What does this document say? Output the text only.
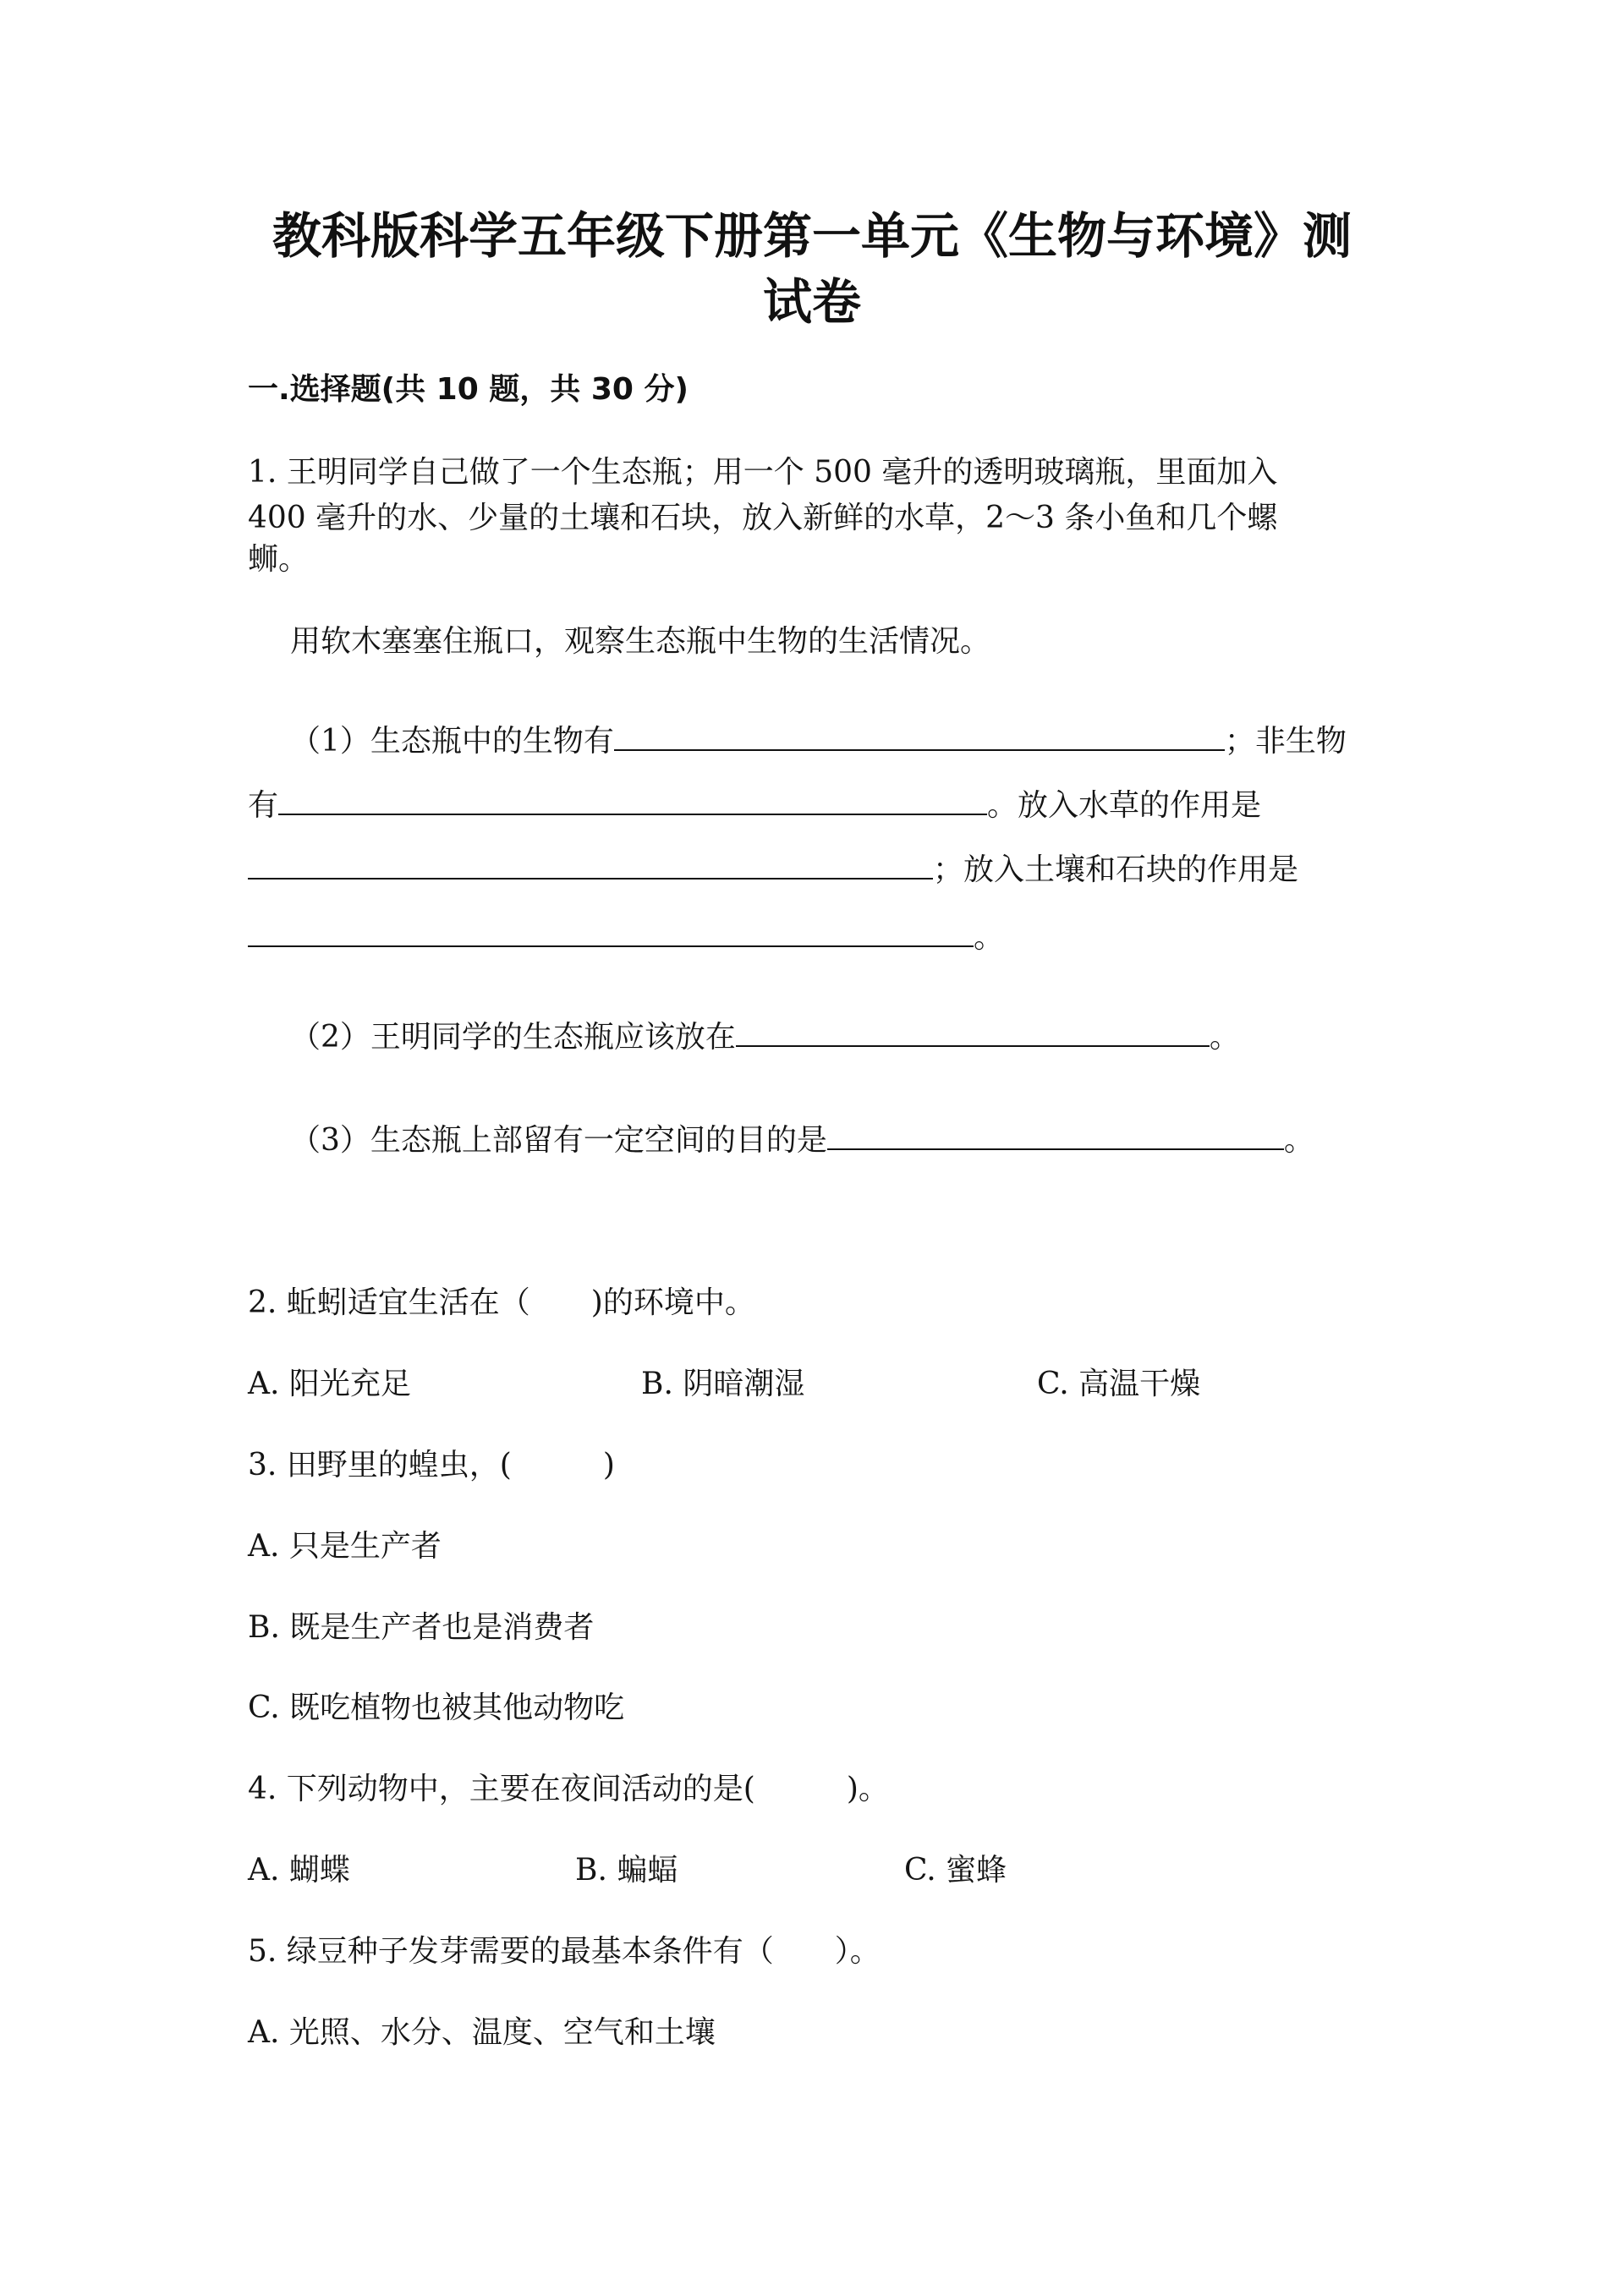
教科版科学五年级下册第一单元《生物与环境》测
试卷
一.选择题(共 10 题，共 30 分)
1. 王明同学自己做了一个生态瓶；用一个 500 毫升的透明玻璃瓶，里面加入
400 毫升的水、少量的土壤和石块，放入新鲜的水草，2～3 条小鱼和几个螺
蛳。
用软木塞塞住瓶口，观察生态瓶中生物的生活情况。
（1）生态瓶中的生物有	；非生物
有	。放入水草的作用是
；放入土壤和石块的作用是
。
（2）王明同学的生态瓶应该放在	。
（3）生态瓶上部留有一定空间的目的是	。
2. 蚯蚓适宜生活在（　　)的环境中。
A. 阳光充足	B. 阴暗潮湿	C. 高温干燥
3. 田野里的蝗虫，(　　　)
A. 只是生产者
B. 既是生产者也是消费者
C. 既吃植物也被其他动物吃
4. 下列动物中，主要在夜间活动的是(　　　)。
A. 蝴蝶	B. 蝙蝠	C. 蜜蜂
5. 绿豆种子发芽需要的最基本条件有（　　）。
A. 光照、水分、温度、空气和土壤
